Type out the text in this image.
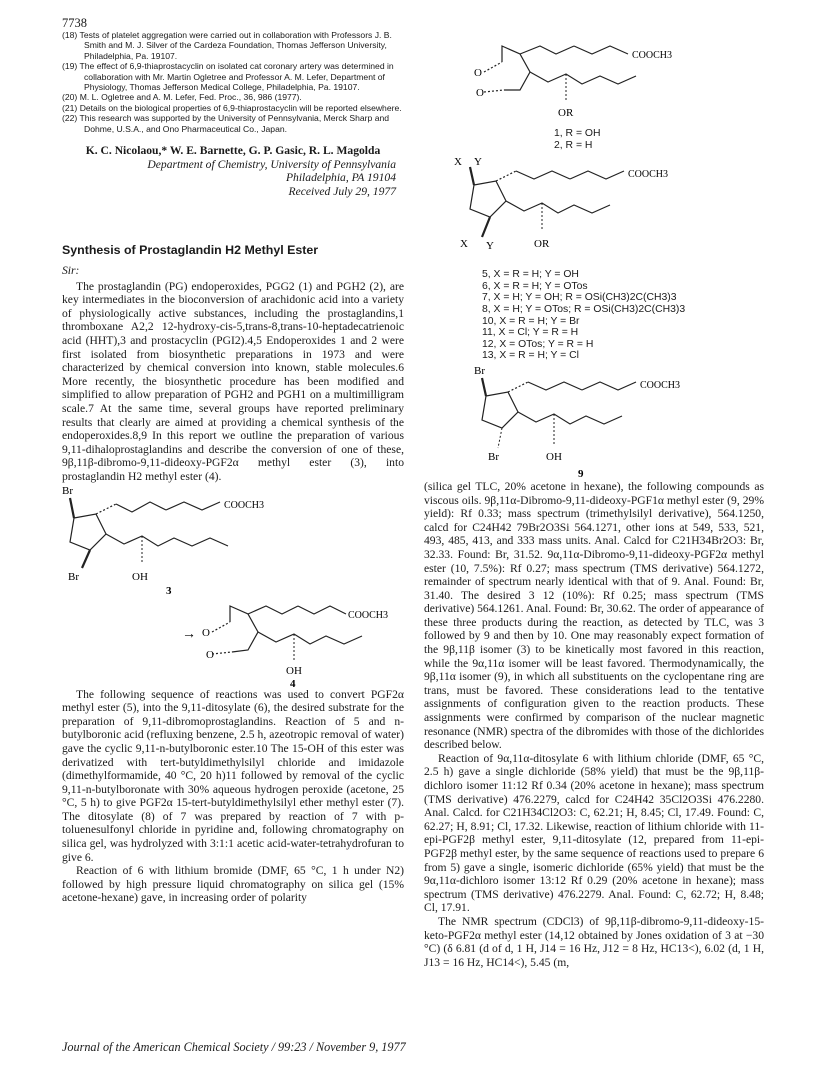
7738
(18) Tests of platelet aggregation were carried out in collaboration with Professors J. B. Smith and M. J. Silver of the Cardeza Foundation, Thomas Jefferson University, Philadelphia, Pa. 19107.
(19) The effect of 6,9-thiaprostacyclin on isolated cat coronary artery was determined in collaboration with Mr. Martin Ogletree and Professor A. M. Lefer, Department of Physiology, Thomas Jefferson Medical College, Philadelphia, Pa. 19107.
(20) M. L. Ogletree and A. M. Lefer, Fed. Proc., 36, 986 (1977).
(21) Details on the biological properties of 6,9-thiaprostacyclin will be reported elsewhere.
(22) This research was supported by the University of Pennsylvania, Merck Sharp and Dohme, U.S.A., and Ono Pharmaceutical Co., Japan.
K. C. Nicolaou,* W. E. Barnette, G. P. Gasic, R. L. Magolda
Department of Chemistry, University of Pennsylvania
Philadelphia, PA 19104
Received July 29, 1977
Synthesis of Prostaglandin H2 Methyl Ester
Sir:

The prostaglandin (PG) endoperoxides, PGG2 (1) and PGH2 (2), are key intermediates in the bioconversion of arachidonic acid into a variety of physiologically active substances, including the prostaglandins,1 thromboxane A2,2 12-hydroxy-cis-5,trans-8,trans-10-heptadecatrienoic acid (HHT),3 and prostacyclin (PGI2).4,5 Endoperoxides 1 and 2 were first isolated from biosynthetic preparations in 1973 and were characterized by chemical conversion into known, stable molecules.6 More recently, the biosynthetic procedure has been modified and simplified to allow preparation of PGH2 and PGH1 on a multimilligram scale.7 At the same time, several groups have reported preliminary results that clearly are aimed at providing a chemical synthesis of the endoperoxides.8,9 In this report we outline the preparation of various 9,11-dihaloprostaglandins and describe the conversion of one of these, 9β,11β-dibromo-9,11-dideoxy-PGF2α methyl ester (3), into prostaglandin H2 methyl ester (4).

Br
COOCH3
Br	OH
3
→ O
O
COOCH3
OH
4

The following sequence of reactions was used to convert PGF2α methyl ester (5), into the 9,11-ditosylate (6), the desired substrate for the preparation of 9,11-dibromoprostaglandins. Reaction of 5 and n-butylboronic acid (refluxing benzene, 2.5 h, azeotropic removal of water) gave the cyclic 9,11-n-butylboronic ester.10 The 15-OH of this ester was derivatized with tert-butyldimethylsilyl chloride and imidazole (dimethylformamide, 40 °C, 20 h)11 followed by removal of the cyclic 9,11-n-butylboronate with 30% aqueous hydrogen peroxide (acetone, 25 °C, 5 h) to give PGF2α 15-tert-butyldimethylsilyl ether methyl ester (7). The ditosylate (8) of 7 was prepared by reaction of 7 with p-toluenesulfonyl chloride in pyridine and, following chromatography on silica gel, was hydrolyzed with 3:1:1 acetic acid-water-tetrahydrofuran to give 6.

Reaction of 6 with lithium bromide (DMF, 65 °C, 1 h under N2) followed by high pressure liquid chromatography on silica gel (15% acetone-hexane) gave, in increasing order of polarity

O
O
COOCH3
OR
1, R = OH
2, R = H
X Y
COOCH3
X Y	OR
5, X = R = H; Y = OH
6, X = R = H; Y = OTos
7, X = H; Y = OH; R = OSi(CH3)2C(CH3)3
8, X = H; Y = OTos; R = OSi(CH3)2C(CH3)3
10, X = R = H; Y = Br
11, X = Cl; Y = R = H
12, X = OTos; Y = R = H
13, X = R = H; Y = Cl
Br
COOCH3
Br	OH
9

(silica gel TLC, 20% acetone in hexane), the following compounds as viscous oils. 9β,11α-Dibromo-9,11-dideoxy-PGF1α methyl ester (9, 29% yield): Rf 0.33; mass spectrum (trimethylsilyl derivative), 564.1250, calcd for C24H42 79Br2O3Si 564.1271, other ions at 549, 533, 521, 493, 485, 413, and 333 mass units. Anal. Calcd for C21H34Br2O3: Br, 32.33. Found: Br, 31.52. 9α,11α-Dibromo-9,11-dideoxy-PGF2α methyl ester (10, 7.5%): Rf 0.27; mass spectrum (TMS derivative) 564.1272, remainder of spectrum nearly identical with that of 9. Anal. Found: Br, 31.40. The desired 3 12 (10%): Rf 0.25; mass spectrum (TMS derivative) 564.1261. Anal. Found: Br, 30.62. The order of appearance of these three products during the reaction, as detected by TLC, was 3 followed by 9 and then by 10. One may reasonably expect formation of the 9β,11β isomer (3) to be kinetically most favored in this reaction, while the 9α,11α isomer will be least favored. Thermodynamically, the 9β,11α isomer (9), in which all substituents on the cyclopentane ring are trans, must be favored. These considerations lead to the tentative assignments of configuration given to the reaction products. These assignments were confirmed by comparison of the nuclear magnetic resonance (NMR) spectra of the dibromides with those of the dichlorides described below.

Reaction of 9α,11α-ditosylate 6 with lithium chloride (DMF, 65 °C, 2.5 h) gave a single dichloride (58% yield) that must be the 9β,11β-dichloro isomer 11:12 Rf 0.34 (20% acetone in hexane); mass spectrum (TMS derivative) 476.2279, calcd for C24H42 35Cl2O3Si 476.2280. Anal. Calcd. for C21H34Cl2O3: C, 62.21; H, 8.45; Cl, 17.49. Found: C, 62.27; H, 8.91; Cl, 17.32. Likewise, reaction of lithium chloride with 11-epi-PGF2β methyl ester, 9,11-ditosylate (12, prepared from 11-epi-PGF2β methyl ester, by the same sequence of reactions used to prepare 6 from 5) gave a single, isomeric dichloride (65% yield) that must be the 9α,11α-dichloro isomer 13:12 Rf 0.29 (20% acetone in hexane); mass spectrum (TMS derivative) 476.2279. Anal. Found: C, 62.72; H, 8.48; Cl, 17.91.

The NMR spectrum (CDCl3) of 9β,11β-dibromo-9,11-dideoxy-15-keto-PGF2α methyl ester (14,12 obtained by Jones oxidation of 3 at −30 °C) (δ 6.81 (d of d, 1 H, J14 = 16 Hz, J12 = 8 Hz, HC13<), 6.02 (d, 1 H, J13 = 16 Hz, HC14<), 5.45 (m,

Journal of the American Chemical Society / 99:23 / November 9, 1977
